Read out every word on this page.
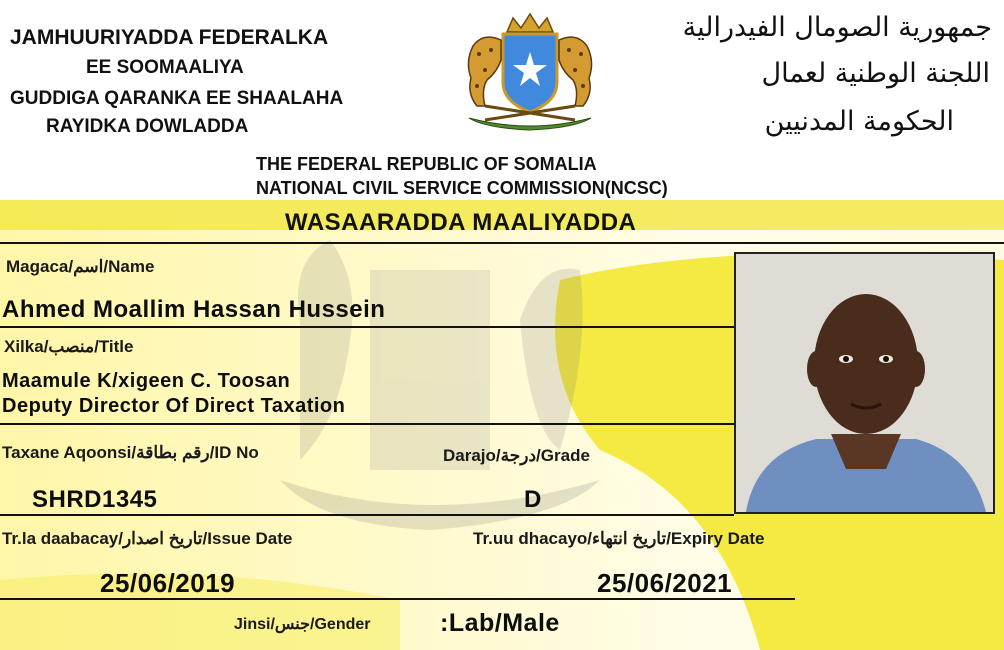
JAMHUURIYADDA FEDERALKA
EE SOOMAALIYA
GUDDIGA QARANKA EE SHAALAHA
RAYIDKA DOWLADDA
جمهورية الصومال الفيدرالية
اللجنة الوطنية لعمال
الحكومة المدنيين
THE FEDERAL REPUBLIC OF SOMALIA
NATIONAL CIVIL SERVICE COMMISSION(NCSC)
WASAARADDA MAALIYADDA
Magaca/اسم/Name
Ahmed Moallim Hassan Hussein
Xilka/منصب/Title
Maamule K/xigeen C. Toosan
Deputy Director Of Direct Taxation
Taxane Aqoonsi/رقم بطاقة/ID No	Darajo/درجة/Grade
SHRD1345	D
Tr.la daabacay/تاريخ اصدار/Issue Date	Tr.uu dhacayo/تاريخ انتهاء/Expiry Date
25/06/2019	25/06/2021
Jinsi/جنس/Gender	:Lab/Male
